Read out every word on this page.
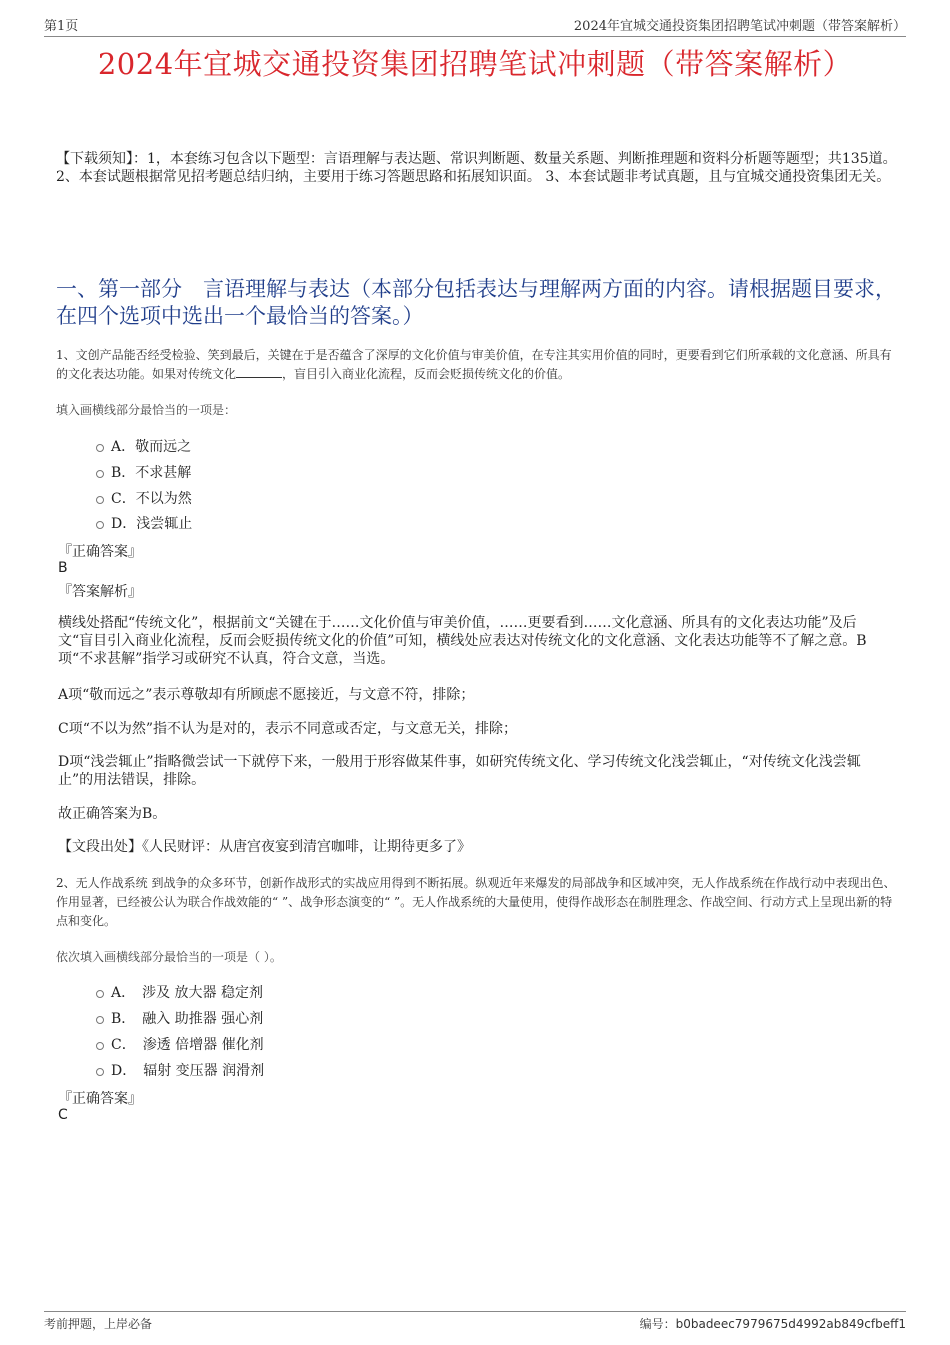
第1页	2024年宜城交通投资集团招聘笔试冲刺题（带答案解析）
2024年宜城交通投资集团招聘笔试冲刺题（带答案解析）
【下载须知】：1，本套练习包含以下题型：言语理解与表达题、常识判断题、数量关系题、判断推理题和资料分析题等题型；共135道。 2、本套试题根据常见招考题总结归纳，主要用于练习答题思路和拓展知识面。 3、本套试题非考试真题，且与宜城交通投资集团无关。
一、第一部分　言语理解与表达（本部分包括表达与理解两方面的内容。请根据题目要求，在四个选项中选出一个最恰当的答案。）
1、文创产品能否经受检验、笑到最后，关键在于是否蕴含了深厚的文化价值与审美价值，在专注其实用价值的同时，更要看到它们所承载的文化意涵、所具有的文化表达功能。如果对传统文化	，盲目引入商业化流程，反而会贬损传统文化的价值。
填入画横线部分最恰当的一项是：
A．敬而远之
B．不求甚解
C．不以为然
D．浅尝辄止
『正确答案』
B
『答案解析』
横线处搭配“传统文化”，根据前文“关键在于……文化价值与审美价值，……更要看到……文化意涵、所具有的文化表达功能”及后文“盲目引入商业化流程，反而会贬损传统文化的价值”可知，横线处应表达对传统文化的文化意涵、文化表达功能等不了解之意。B项“不求甚解”指学习或研究不认真，符合文意，当选。
A项“敬而远之”表示尊敬却有所顾虑不愿接近，与文意不符，排除；
C项“不以为然”指不认为是对的，表示不同意或否定，与文意无关，排除；
D项“浅尝辄止”指略微尝试一下就停下来，一般用于形容做某件事，如研究传统文化、学习传统文化浅尝辄止，“对传统文化浅尝辄止”的用法错误，排除。
故正确答案为B。
【文段出处】《人民财评：从唐宫夜宴到清宫咖啡，让期待更多了》
2、无人作战系统 到战争的众多环节，创新作战形式的实战应用得到不断拓展。纵观近年来爆发的局部战争和区域冲突，无人作战系统在作战行动中表现出色、作用显著，已经被公认为联合作战效能的“ ”、战争形态演变的“ ”。无人作战系统的大量使用，使得作战形态在制胜理念、作战空间、行动方式上呈现出新的特点和变化。
依次填入画横线部分最恰当的一项是（ ）。
A．　涉及 放大器 稳定剂
B．　融入 助推器 强心剂
C．　渗透 倍增器 催化剂
D．　辐射 变压器 润滑剂
『正确答案』
C
考前押题，上岸必备	编号：b0badeec7979675d4992ab849cfbeff1
